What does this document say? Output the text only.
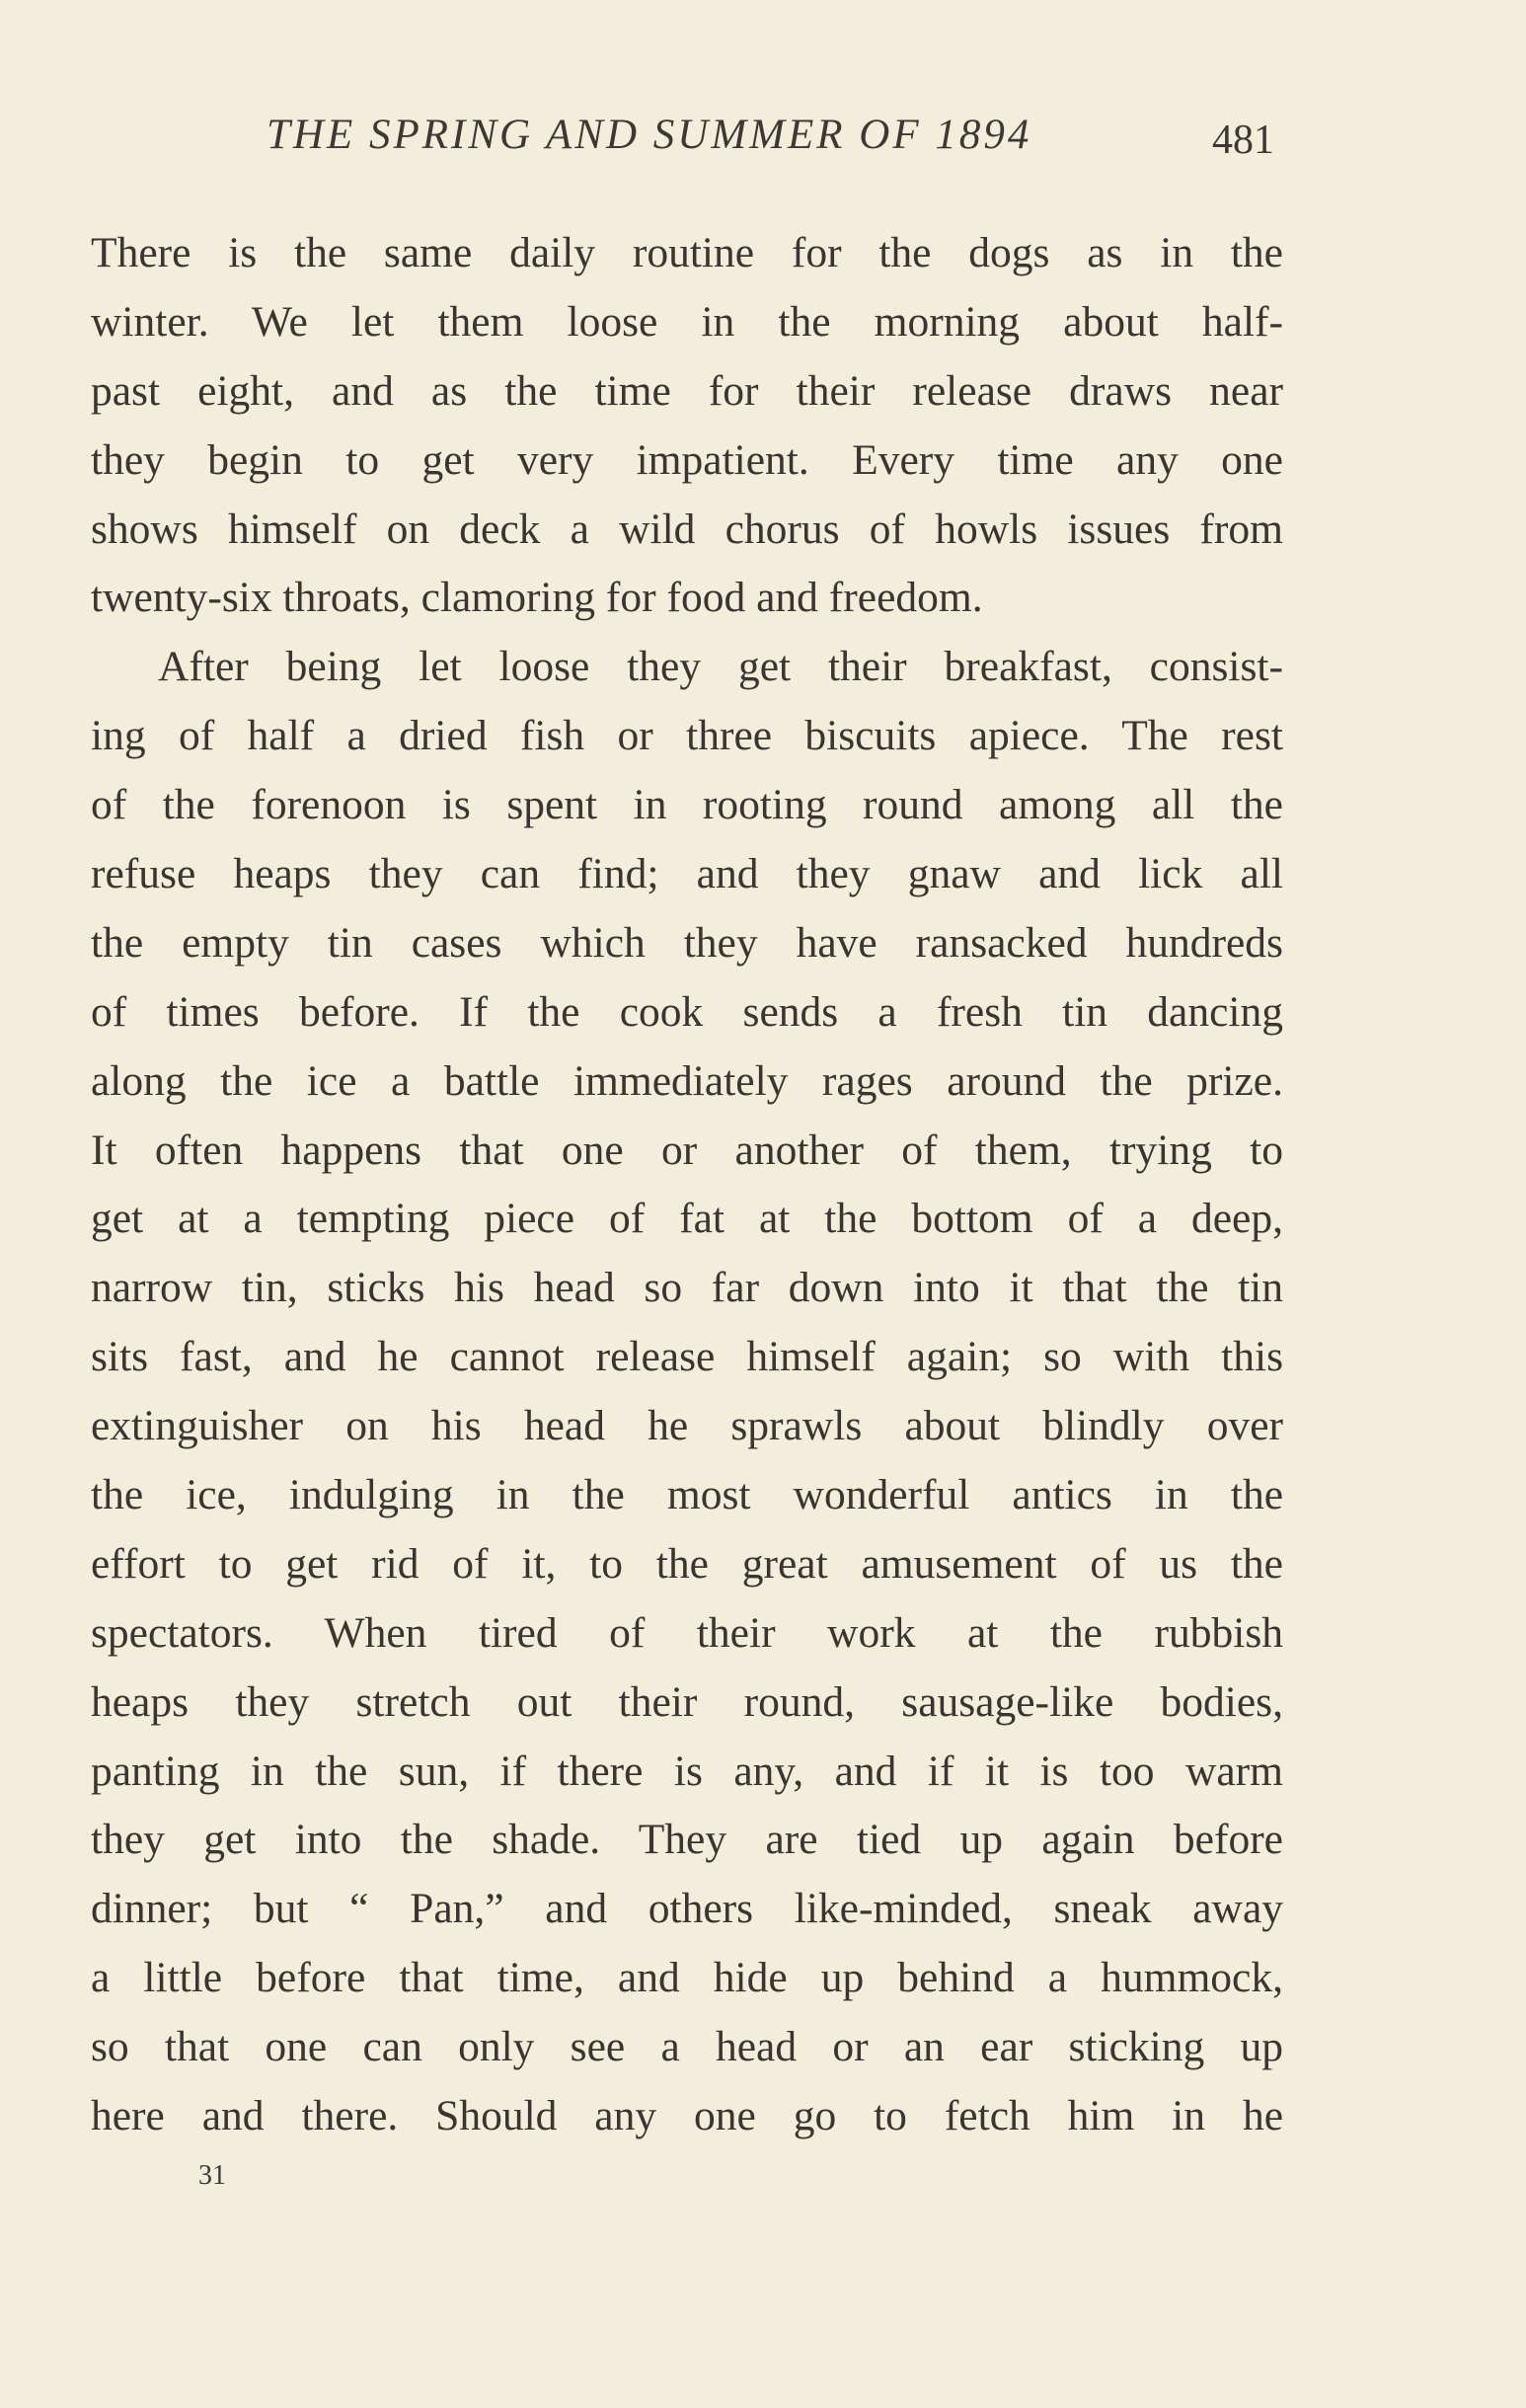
THE SPRING AND SUMMER OF 1894	481
There is the same daily routine for the dogs as in the
winter. We let them loose in the morning about half-
past eight, and as the time for their release draws near
they begin to get very impatient. Every time any one
shows himself on deck a wild chorus of howls issues from
twenty-six throats, clamoring for food and freedom.
After being let loose they get their breakfast, consist-
ing of half a dried fish or three biscuits apiece. The rest
of the forenoon is spent in rooting round among all the
refuse heaps they can find; and they gnaw and lick all
the empty tin cases which they have ransacked hundreds
of times before. If the cook sends a fresh tin dancing
along the ice a battle immediately rages around the prize.
It often happens that one or another of them, trying to
get at a tempting piece of fat at the bottom of a deep,
narrow tin, sticks his head so far down into it that the tin
sits fast, and he cannot release himself again; so with this
extinguisher on his head he sprawls about blindly over
the ice, indulging in the most wonderful antics in the
effort to get rid of it, to the great amusement of us the
spectators. When tired of their work at the rubbish
heaps they stretch out their round, sausage-like bodies,
panting in the sun, if there is any, and if it is too warm
they get into the shade. They are tied up again before
dinner; but “ Pan,” and others like-minded, sneak away
a little before that time, and hide up behind a hummock,
so that one can only see a head or an ear sticking up
here and there. Should any one go to fetch him in he
31
